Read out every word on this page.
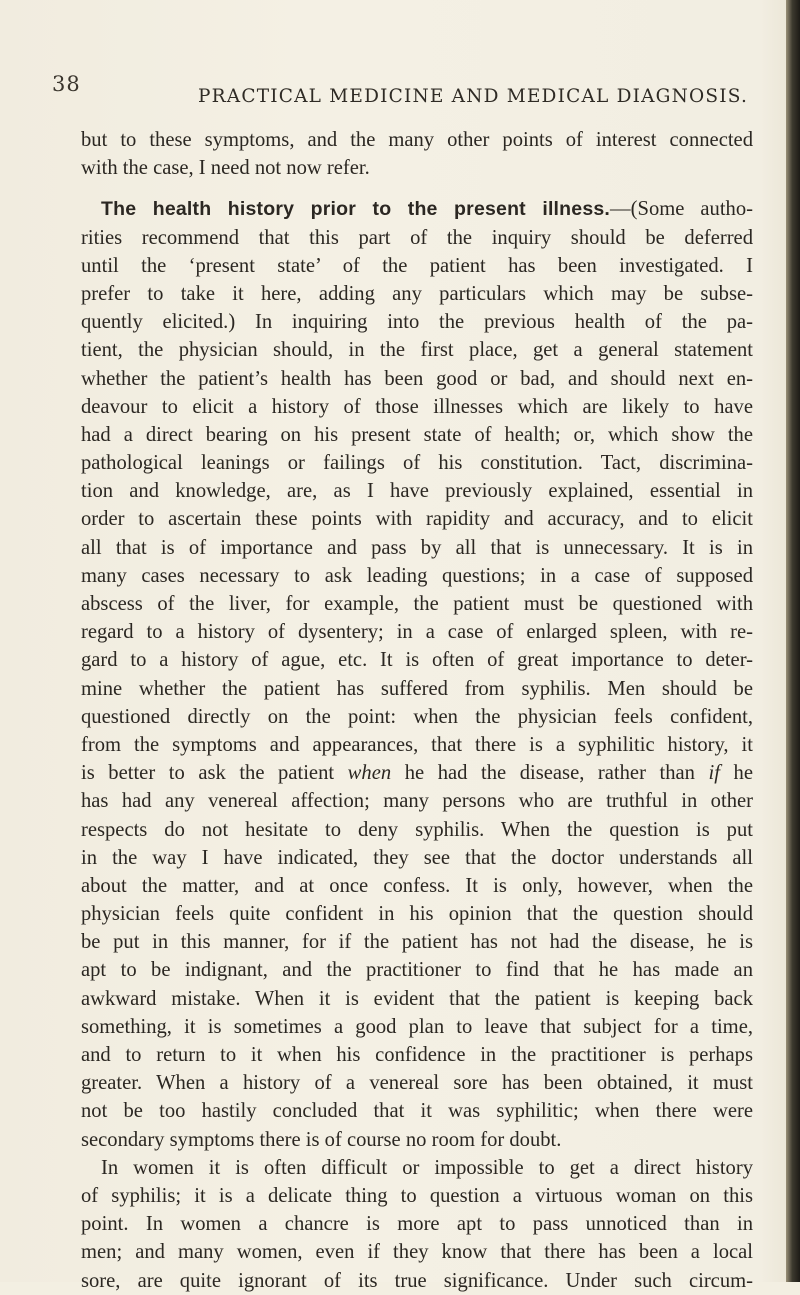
38
PRACTICAL MEDICINE AND MEDICAL DIAGNOSIS.
but to these symptoms, and the many other points of interest connected
with the case, I need not now refer.
The health history prior to the present illness.—(Some autho-
rities recommend that this part of the inquiry should be deferred
until the ‘present state’ of the patient has been investigated. I
prefer to take it here, adding any particulars which may be subse-
quently elicited.) In inquiring into the previous health of the pa-
tient, the physician should, in the first place, get a general statement
whether the patient’s health has been good or bad, and should next en-
deavour to elicit a history of those illnesses which are likely to have
had a direct bearing on his present state of health; or, which show the
pathological leanings or failings of his constitution. Tact, discrimina-
tion and knowledge, are, as I have previously explained, essential in
order to ascertain these points with rapidity and accuracy, and to elicit
all that is of importance and pass by all that is unnecessary. It is in
many cases necessary to ask leading questions; in a case of supposed
abscess of the liver, for example, the patient must be questioned with
regard to a history of dysentery; in a case of enlarged spleen, with re-
gard to a history of ague, etc. It is often of great importance to deter-
mine whether the patient has suffered from syphilis. Men should be
questioned directly on the point: when the physician feels confident,
from the symptoms and appearances, that there is a syphilitic history, it
is better to ask the patient when he had the disease, rather than if he
has had any venereal affection; many persons who are truthful in other
respects do not hesitate to deny syphilis. When the question is put
in the way I have indicated, they see that the doctor understands all
about the matter, and at once confess. It is only, however, when the
physician feels quite confident in his opinion that the question should
be put in this manner, for if the patient has not had the disease, he is
apt to be indignant, and the practitioner to find that he has made an
awkward mistake. When it is evident that the patient is keeping back
something, it is sometimes a good plan to leave that subject for a time,
and to return to it when his confidence in the practitioner is perhaps
greater. When a history of a venereal sore has been obtained, it must
not be too hastily concluded that it was syphilitic; when there were
secondary symptoms there is of course no room for doubt.
In women it is often difficult or impossible to get a direct history
of syphilis; it is a delicate thing to question a virtuous woman on this
point. In women a chancre is more apt to pass unnoticed than in
men; and many women, even if they know that there has been a local
sore, are quite ignorant of its true significance. Under such circum-
